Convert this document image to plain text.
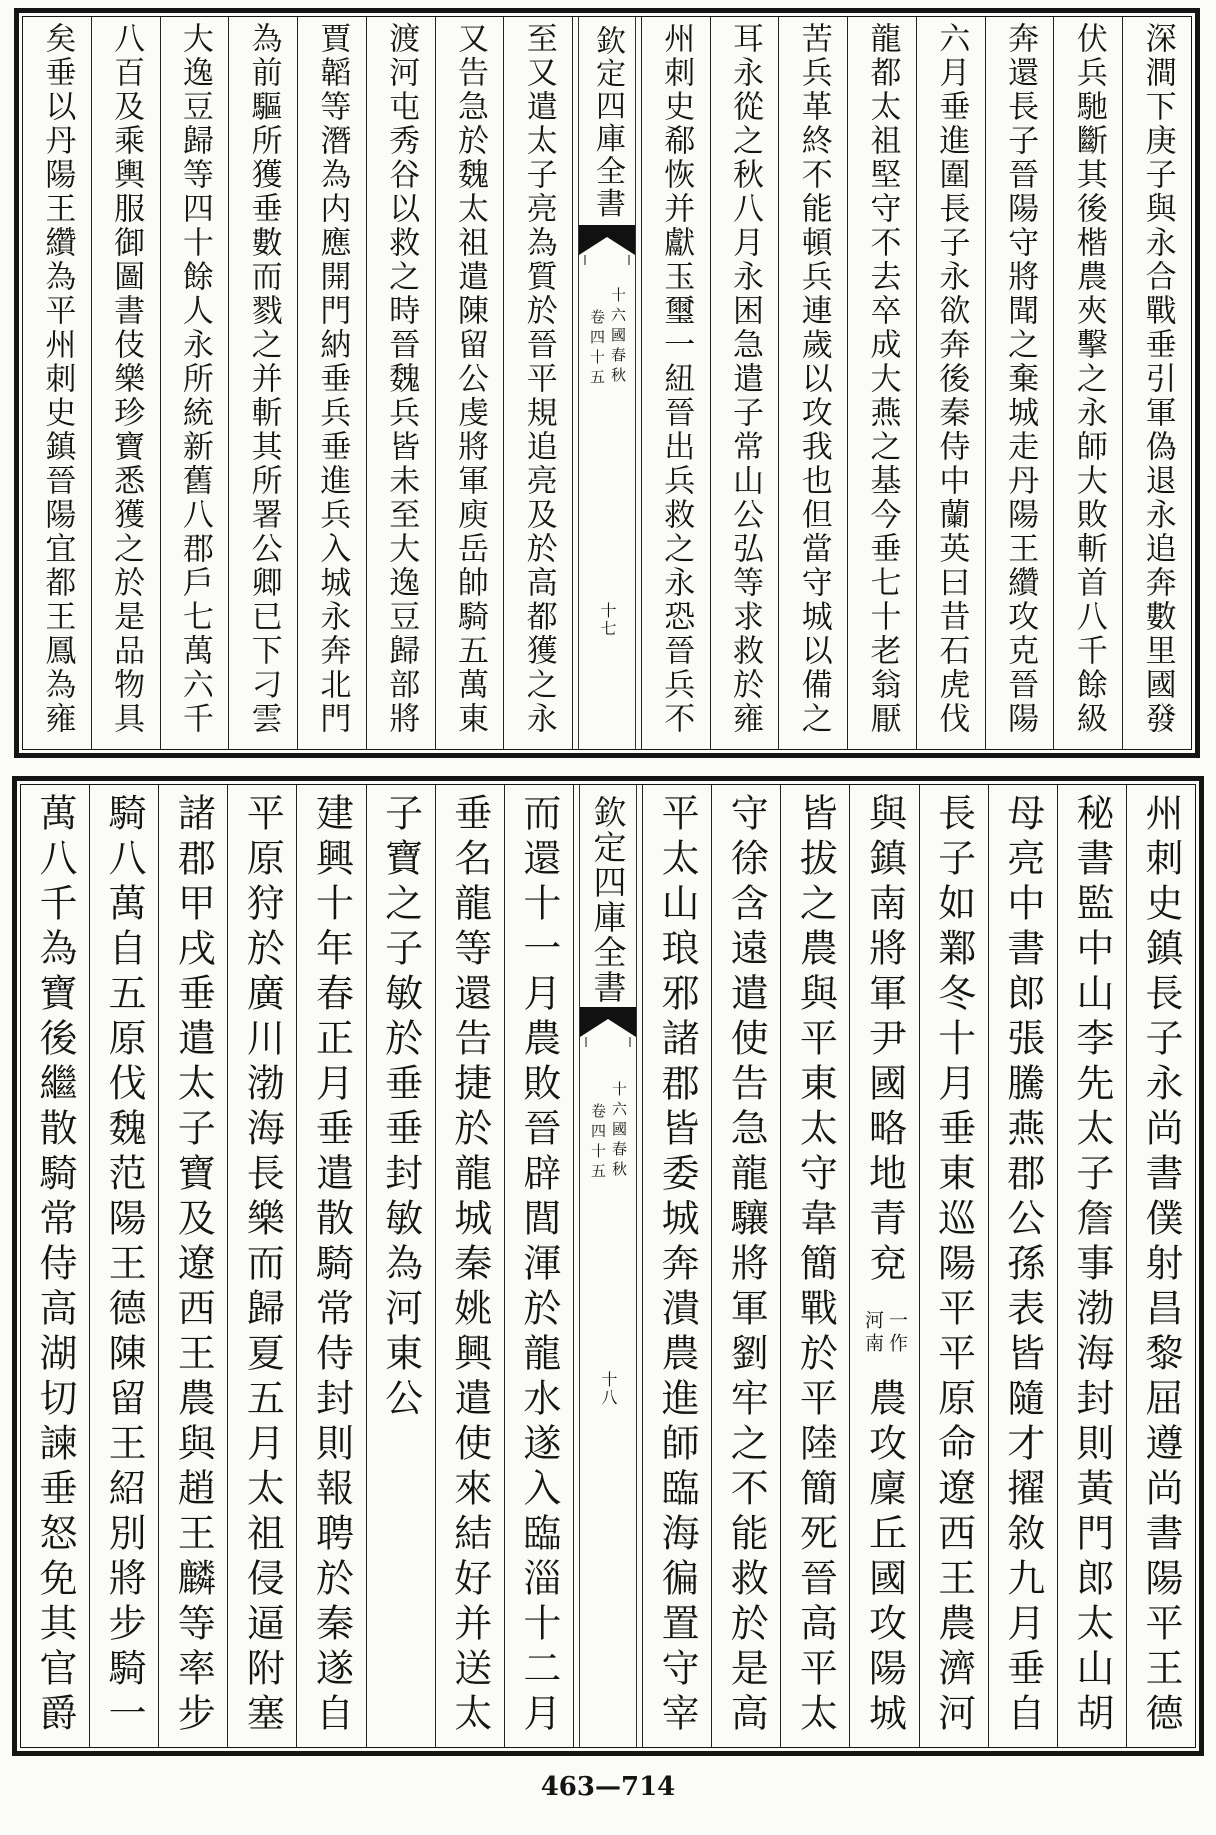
深澗下庚子與永合戰垂引軍偽退永追奔數里國發
伏兵馳斷其後楷農夾擊之永師大敗斬首八千餘級
奔還長子晉陽守將聞之棄城走丹陽王纘攻克晉陽
六月垂進圍長子永欲奔後秦侍中蘭英曰昔石虎伐
龍都太祖堅守不去卒成大燕之基今垂七十老翁厭
苦兵革終不能頓兵連歲以攻我也但當守城以備之
耳永從之秋八月永困急遣子常山公弘等求救於雍
州刺史郗恢并獻玉璽一紐晉出兵救之永恐晉兵不
欽定四庫全書
十六國春秋
卷四十五
十七
至又遣太子亮為質於晉平規追亮及於高都獲之永
又告急於魏太祖遣陳留公虔將軍庾岳帥騎五萬東
渡河屯秀谷以救之時晉魏兵皆未至大逸豆歸部將
賈韜等潛為内應開門納垂兵垂進兵入城永奔北門
為前驅所獲垂數而戮之并斬其所署公卿已下刁雲
大逸豆歸等四十餘人永所統新舊八郡戶七萬六千
八百及乘輿服御圖書伎樂珍寶悉獲之於是品物具
矣垂以丹陽王纘為平州刺史鎮晉陽宜都王鳳為雍
州刺史鎮長子永尚書僕射昌黎屈遵尚書陽平王德
秘書監中山李先太子詹事渤海封則黃門郎太山胡
母亮中書郎張騰燕郡公孫表皆隨才擢敘九月垂自
長子如鄴冬十月垂東巡陽平平原命遼西王農濟河
與鎮南將軍尹國略地青兗
一作
河南
農攻廩丘國攻陽城
皆拔之農與平東太守韋簡戰於平陸簡死晉高平太
守徐含遠遣使告急龍驤將軍劉牢之不能救於是高
平太山琅邪諸郡皆委城奔潰農進師臨海徧置守宰
欽定四庫全書
十六國春秋
卷四十五
十八
而還十一月農敗晉辟閭渾於龍水遂入臨淄十二月
垂名龍等還告捷於龍城秦姚興遣使來結好并送太
子寶之子敏於垂垂封敏為河東公
建興十年春正月垂遣散騎常侍封則報聘於秦遂自
平原狩於廣川渤海長樂而歸夏五月太祖侵逼附塞
諸郡甲戌垂遣太子寶及遼西王農與趙王麟等率步
騎八萬自五原伐魏范陽王德陳留王紹別將步騎一
萬八千為寶後繼散騎常侍高湖切諫垂怒免其官爵
463—714
